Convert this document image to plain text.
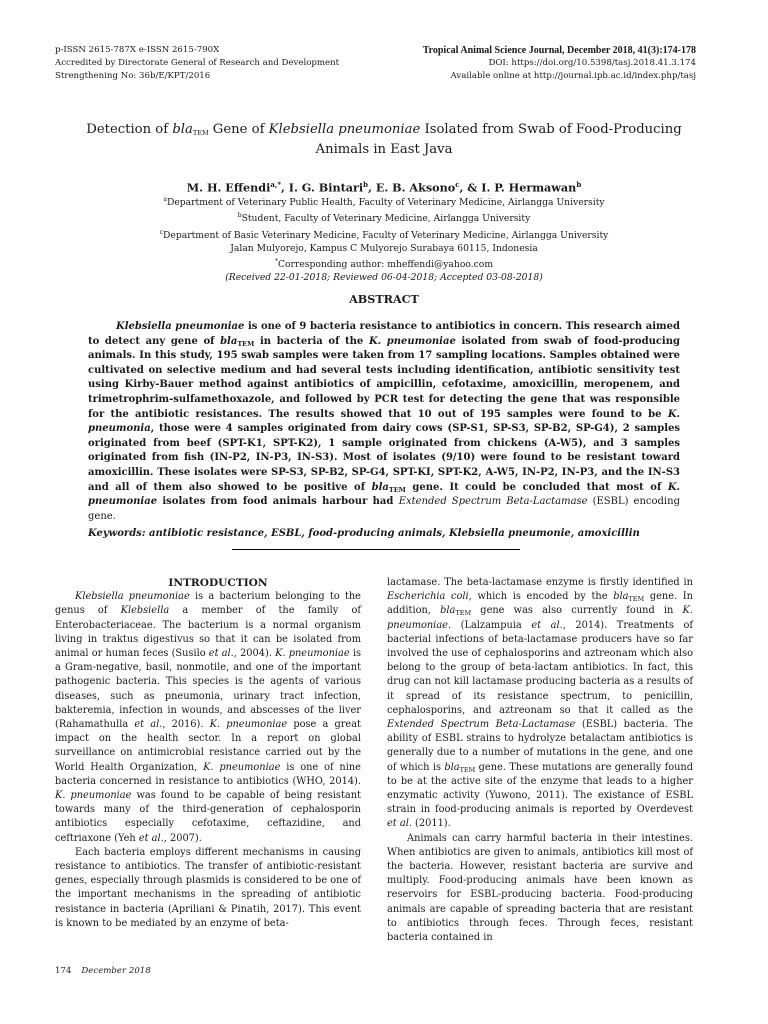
p-ISSN 2615-787X e-ISSN 2615-790X
Accredited by Directorate General of Research and Development
Strengthening No: 36b/E/KPT/2016
Tropical Animal Science Journal, December 2018, 41(3):174-178
DOI: https://doi.org/10.5398/tasj.2018.41.3.174
Available online at http://journal.ipb.ac.id/index.php/tasj
Detection of bla$_{TEM}$ Gene of Klebsiella pneumoniae Isolated from Swab of Food-Producing Animals in East Java
M. H. Effendi$^{a,*}$, I. G. Bintari$^b$, E. B. Aksono$^c$, & I. P. Hermawan$^b$
$^a$Department of Veterinary Public Health, Faculty of Veterinary Medicine, Airlangga University
$^b$Student, Faculty of Veterinary Medicine, Airlangga University
$^c$Department of Basic Veterinary Medicine, Faculty of Veterinary Medicine, Airlangga University
Jalan Mulyorejo, Kampus C Mulyorejo Surabaya 60115, Indonesia
*Corresponding author: mheffendi@yahoo.com
(Received 22-01-2018; Reviewed 06-04-2018; Accepted 03-08-2018)
ABSTRACT

Klebsiella pneumoniae is one of 9 bacteria resistance to antibiotics in concern. This research aimed to detect any gene of bla$_{TEM}$ in bacteria of the K. pneumoniae isolated from swab of food-producing animals. In this study, 195 swab samples were taken from 17 sampling locations. Samples obtained were cultivated on selective medium and had several tests including identification, antibiotic sensitivity test using Kirby-Bauer method against antibiotics of ampicillin, cefotaxime, amoxicillin, meropenem, and trimetrophrim-sulfamethoxazole, and followed by PCR test for detecting the gene that was responsible for the antibiotic resistances. The results showed that 10 out of 195 samples were found to be K. pneumonia, those were 4 samples originated from dairy cows (SP-S1, SP-S3, SP-B2, SP-G4), 2 samples originated from beef (SPT-K1, SPT-K2), 1 sample originated from chickens (A-W5), and 3 samples originated from fish (IN-P2, IN-P3, IN-S3). Most of isolates (9/10) were found to be resistant toward amoxicillin. These isolates were SP-S3, SP-B2, SP-G4, SPT-KI, SPT-K2, A-W5, IN-P2, IN-P3, and the IN-S3 and all of them also showed to be positive of bla$_{TEM}$ gene. It could be concluded that most of K. pneumoniae isolates from food animals harbour had Extended Spectrum Beta-Lactamase (ESBL) encoding gene.

Keywords: antibiotic resistance, ESBL, food-producing animals, Klebsiella pneumonie, amoxicillin

INTRODUCTION

Klebsiella pneumoniae is a bacterium belonging to the genus of Klebsiella a member of the family of Enterobacteriaceae. The bacterium is a normal organism living in traktus digestivus so that it can be isolated from animal or human feces (Susilo et al., 2004). K. pneumoniae is a Gram-negative, basil, nonmotile, and one of the important pathogenic bacteria. This species is the agents of various diseases, such as pneumonia, urinary tract infection, bakteremia, infection in wounds, and abscesses of the liver (Rahamathulla et al., 2016). K. pneumoniae pose a great impact on the health sector. In a report on global surveillance on antimicrobial resistance carried out by the World Health Organization, K. pneumoniae is one of nine bacteria concerned in resistance to antibiotics (WHO, 2014). K. pneumoniae was found to be capable of being resistant towards many of the third-generation of cephalosporin antibiotics especially cefotaxime, ceftazidine, and ceftriaxone (Yeh et al., 2007).

Each bacteria employs different mechanisms in causing resistance to antibiotics. The transfer of antibiotic-resistant genes, especially through plasmids is considered to be one of the important mechanisms in the spreading of antibiotic resistance in bacteria (Apriliani & Pinatih, 2017). This event is known to be mediated by an enzyme of beta-

lactamase. The beta-lactamase enzyme is firstly identified in Escherichia coli, which is encoded by the bla$_{TEM}$ gene. In addition, bla$_{TEM}$ gene was also currently found in K. pneumoniae. (Lalzampuia et al., 2014). Treatments of bacterial infections of beta-lactamase producers have so far involved the use of cephalosporins and aztreonam which also belong to the group of beta-lactam antibiotics. In fact, this drug can not kill lactamase producing bacteria as a results of it spread of its resistance spectrum, to penicillin, cephalosporins, and aztreonam so that it called as the Extended Spectrum Beta-Lactamase (ESBL) bacteria. The ability of ESBL strains to hydrolyze betalactam antibiotics is generally due to a number of mutations in the gene, and one of which is bla$_{TEM}$ gene. These mutations are generally found to be at the active site of the enzyme that leads to a higher enzymatic activity (Yuwono, 2011). The existance of ESBL strain in food-producing animals is reported by Overdevest et al. (2011).

Animals can carry harmful bacteria in their intestines. When antibiotics are given to animals, antibiotics kill most of the bacteria. However, resistant bacteria are survive and multiply. Food-producing animals have been known as reservoirs for ESBL-producing bacteria. Food-producing animals are capable of spreading bacteria that are resistant to antibiotics through feces. Through feces, resistant bacteria contained in

174 December 2018
